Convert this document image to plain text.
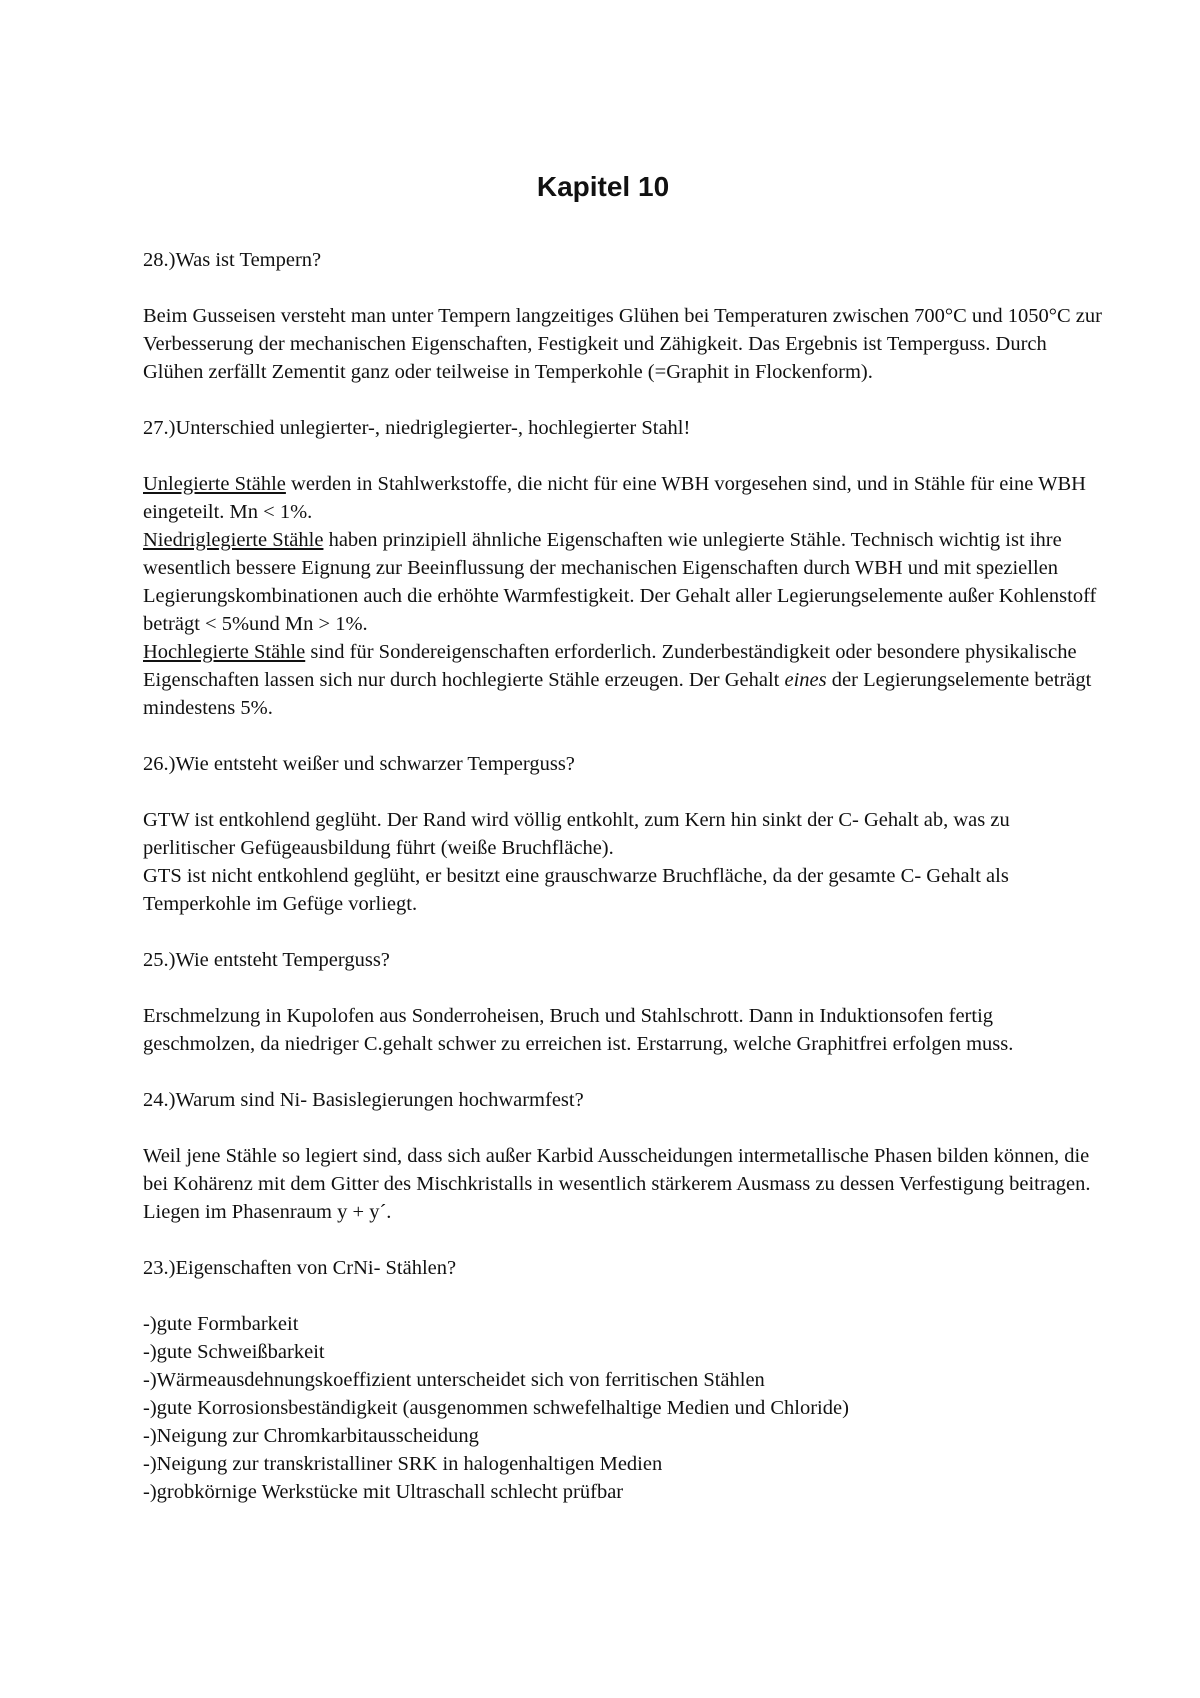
Kapitel 10

28.)Was ist Tempern?

Beim Gusseisen versteht man unter Tempern langzeitiges Glühen bei Temperaturen zwischen 700°C und 1050°C zur Verbesserung der mechanischen Eigenschaften, Festigkeit und Zähigkeit. Das Ergebnis ist Temperguss. Durch Glühen zerfällt Zementit ganz oder teilweise in Temperkohle (=Graphit in Flockenform).

27.)Unterschied unlegierter-, niedriglegierter-, hochlegierter Stahl!

Unlegierte Stähle werden in Stahlwerkstoffe, die nicht für eine WBH vorgesehen sind, und in Stähle für eine WBH eingeteilt. Mn < 1%.

Niedriglegierte Stähle haben prinzipiell ähnliche Eigenschaften wie unlegierte Stähle. Technisch wichtig ist ihre wesentlich bessere Eignung zur Beeinflussung der mechanischen Eigenschaften durch WBH und mit speziellen Legierungskombinationen auch die erhöhte Warmfestigkeit. Der Gehalt aller Legierungselemente außer Kohlenstoff beträgt < 5%und Mn > 1%.

Hochlegierte Stähle sind für Sondereigenschaften erforderlich. Zunderbeständigkeit oder besondere physikalische Eigenschaften lassen sich nur durch hochlegierte Stähle erzeugen. Der Gehalt eines der Legierungselemente beträgt mindestens 5%.

26.)Wie entsteht weißer und schwarzer Temperguss?

GTW ist entkohlend geglüht. Der Rand wird völlig entkohlt, zum Kern hin sinkt der C- Gehalt ab, was zu perlitischer Gefügeausbildung führt (weiße Bruchfläche).

GTS ist nicht entkohlend geglüht, er besitzt eine grauschwarze Bruchfläche, da der gesamte C- Gehalt als Temperkohle im Gefüge vorliegt.

25.)Wie entsteht Temperguss?

Erschmelzung in Kupolofen aus Sonderroheisen, Bruch und Stahlschrott. Dann in Induktionsofen fertig geschmolzen, da niedriger C.gehalt schwer zu erreichen ist. Erstarrung, welche Graphitfrei erfolgen muss.

24.)Warum sind Ni- Basislegierungen hochwarmfest?

Weil jene Stähle so legiert sind, dass sich außer Karbid Ausscheidungen intermetallische Phasen bilden können, die bei Kohärenz mit dem Gitter des Mischkristalls in wesentlich stärkerem Ausmass zu dessen Verfestigung beitragen. Liegen im Phasenraum y + y´.

23.)Eigenschaften von CrNi- Stählen?

-)gute Formbarkeit

-)gute Schweißbarkeit

-)Wärmeausdehnungskoeffizient unterscheidet sich von ferritischen Stählen

-)gute Korrosionsbeständigkeit (ausgenommen schwefelhaltige Medien und Chloride)

-)Neigung zur Chromkarbitausscheidung

-)Neigung zur transkristalliner SRK in halogenhaltigen Medien

-)grobkörnige Werkstücke mit Ultraschall schlecht prüfbar
